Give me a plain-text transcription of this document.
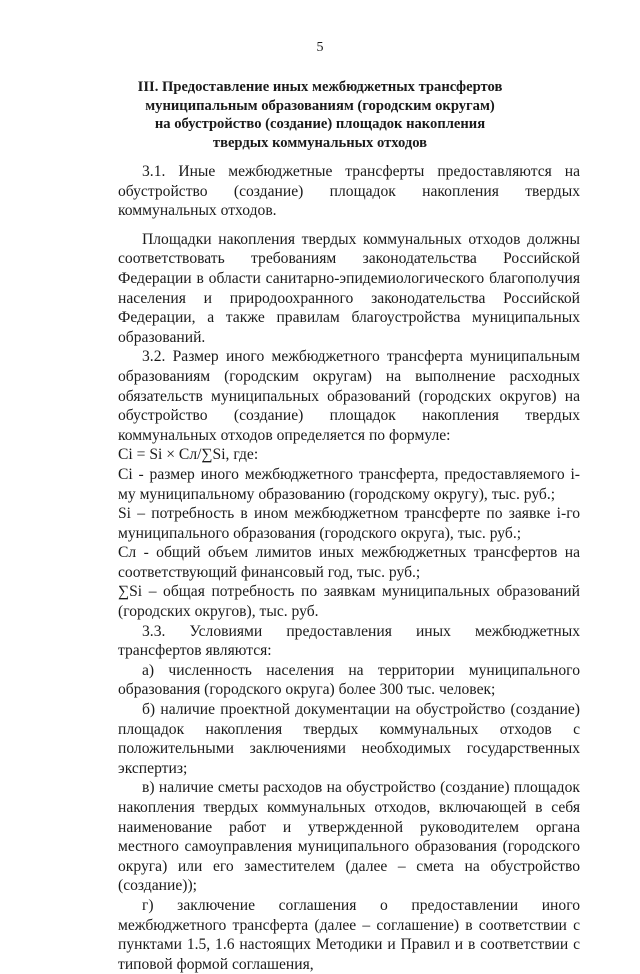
5
III. Предоставление иных межбюджетных трансфертов
муниципальным образованиям (городским округам)
на обустройство (создание) площадок накопления
твердых коммунальных отходов

3.1. Иные межбюджетные трансферты предоставляются на обустройство (создание) площадок накопления твердых коммунальных отходов.

Площадки накопления твердых коммунальных отходов должны соответствовать требованиям законодательства Российской Федерации в области санитарно-эпидемиологического благополучия населения и природоохранного законодательства Российской Федерации, а также правилам благоустройства муниципальных образований.

3.2. Размер иного межбюджетного трансферта муниципальным образованиям (городским округам) на выполнение расходных обязательств муниципальных образований (городских округов) на обустройство (создание) площадок накопления твердых коммунальных отходов определяется по формуле:

Ci = Si × Cл/∑Si, где:

Ci - размер иного межбюджетного трансферта, предоставляемого i-му муниципальному образованию (городскому округу), тыс. руб.;

Si – потребность в ином межбюджетном трансферте по заявке i-го муниципального образования (городского округа), тыс. руб.;

Cл - общий объем лимитов иных межбюджетных трансфертов на соответствующий финансовый год, тыс. руб.;

∑Si – общая потребность по заявкам муниципальных образований (городских округов), тыс. руб.

3.3. Условиями предоставления иных межбюджетных трансфертов являются:

а) численность населения на территории муниципального образования (городского округа) более 300 тыс. человек;

б) наличие проектной документации на обустройство (создание) площадок накопления твердых коммунальных отходов с положительными заключениями необходимых государственных экспертиз;

в) наличие сметы расходов на обустройство (создание) площадок накопления твердых коммунальных отходов, включающей в себя наименование работ и утвержденной руководителем органа местного самоуправления муниципального образования (городского округа) или его заместителем (далее – смета на обустройство (создание));

г) заключение соглашения о предоставлении иного межбюджетного трансферта (далее – соглашение) в соответствии с пунктами 1.5, 1.6 настоящих Методики и Правил и в соответствии с типовой формой соглашения,
